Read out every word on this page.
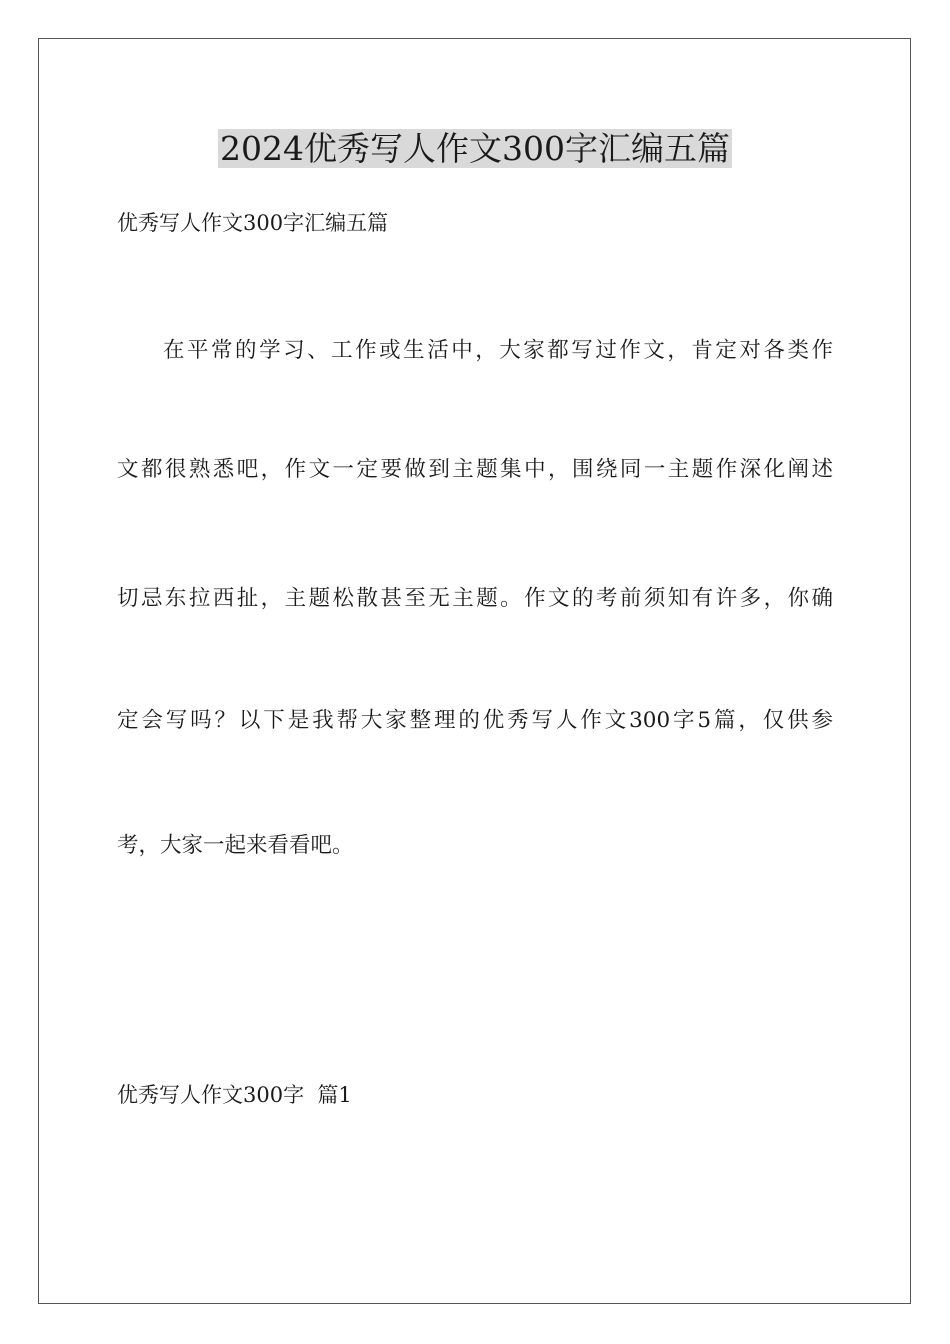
2024优秀写人作文300字汇编五篇

优秀写人作文300字汇编五篇

在平常的学习、工作或生活中，大家都写过作文，肯定对各类作

文都很熟悉吧，作文一定要做到主题集中，围绕同一主题作深化阐述

切忌东拉西扯，主题松散甚至无主题。作文的考前须知有许多，你确

定会写吗？以下是我帮大家整理的优秀写人作文300字5篇，仅供参

考，大家一起来看看吧。

优秀写人作文300字  篇1
